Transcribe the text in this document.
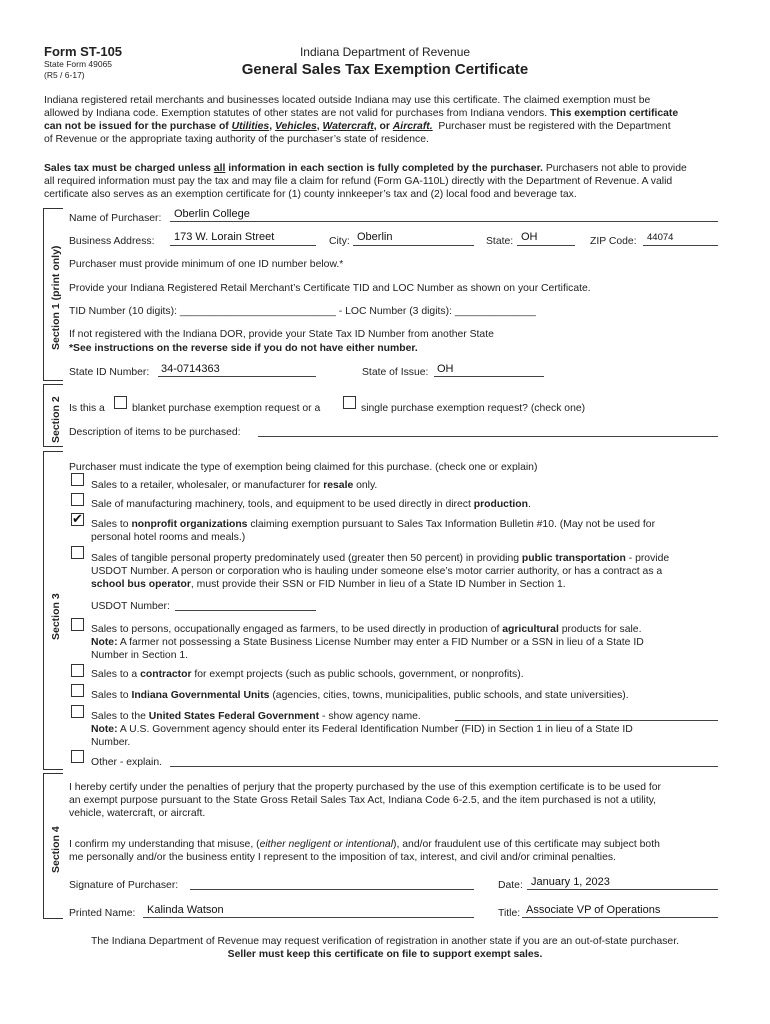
Form ST-105
State Form 49065
(R5 / 6-17)
Indiana Department of Revenue
General Sales Tax Exemption Certificate
Indiana registered retail merchants and businesses located outside Indiana may use this certificate. The claimed exemption must be
allowed by Indiana code. Exemption statutes of other states are not valid for purchases from Indiana vendors. This exemption certificate
can not be issued for the purchase of Utilities, Vehicles, Watercraft, or Aircraft. Purchaser must be registered with the Department
of Revenue or the appropriate taxing authority of the purchaser’s state of residence.
Sales tax must be charged unless all information in each section is fully completed by the purchaser. Purchasers not able to provide
all required information must pay the tax and may file a claim for refund (Form GA-110L) directly with the Department of Revenue. A valid
certificate also serves as an exemption certificate for (1) county innkeeper’s tax and (2) local food and beverage tax.
Section 1 (print only)
Section 2
Section 3
Section 4
Name of Purchaser: Oberlin College
Business Address: 173 W. Lorain Street	City: Oberlin	State: OH	ZIP Code: 44074
Purchaser must provide minimum of one ID number below.*
Provide your Indiana Registered Retail Merchant’s Certificate TID and LOC Number as shown on your Certificate.
TID Number (10 digits): ___________________________ - LOC Number (3 digits): ______________
If not registered with the Indiana DOR, provide your State Tax ID Number from another State
*See instructions on the reverse side if you do not have either number.
State ID Number: 34-0714363	State of Issue: OH
Is this a	blanket purchase exemption request or a	single purchase exemption request? (check one)
Description of items to be purchased:
Purchaser must indicate the type of exemption being claimed for this purchase. (check one or explain)
Sales to a retailer, wholesaler, or manufacturer for resale only.
Sale of manufacturing machinery, tools, and equipment to be used directly in direct production.
✔ Sales to nonprofit organizations claiming exemption pursuant to Sales Tax Information Bulletin #10. (May not be used for
personal hotel rooms and meals.)
Sales of tangible personal property predominately used (greater then 50 percent) in providing public transportation - provide
USDOT Number. A person or corporation who is hauling under someone else’s motor carrier authority, or has a contract as a
school bus operator, must provide their SSN or FID Number in lieu of a State ID Number in Section 1.
USDOT Number:
Sales to persons, occupationally engaged as farmers, to be used directly in production of agricultural products for sale.
Note: A farmer not possessing a State Business License Number may enter a FID Number or a SSN in lieu of a State ID
Number in Section 1.
Sales to a contractor for exempt projects (such as public schools, government, or nonprofits).
Sales to Indiana Governmental Units (agencies, cities, towns, municipalities, public schools, and state universities).
Sales to the United States Federal Government - show agency name.
Note: A U.S. Government agency should enter its Federal Identification Number (FID) in Section 1 in lieu of a State ID
Number.
Other - explain.
I hereby certify under the penalties of perjury that the property purchased by the use of this exemption certificate is to be used for
an exempt purpose pursuant to the State Gross Retail Sales Tax Act, Indiana Code 6-2.5, and the item purchased is not a utility,
vehicle, watercraft, or aircraft.
I confirm my understanding that misuse, (either negligent or intentional), and/or fraudulent use of this certificate may subject both
me personally and/or the business entity I represent to the imposition of tax, interest, and civil and/or criminal penalties.
Signature of Purchaser:	Date: January 1, 2023
Printed Name: Kalinda Watson	Title: Associate VP of Operations
The Indiana Department of Revenue may request verification of registration in another state if you are an out-of-state purchaser.
Seller must keep this certificate on file to support exempt sales.
